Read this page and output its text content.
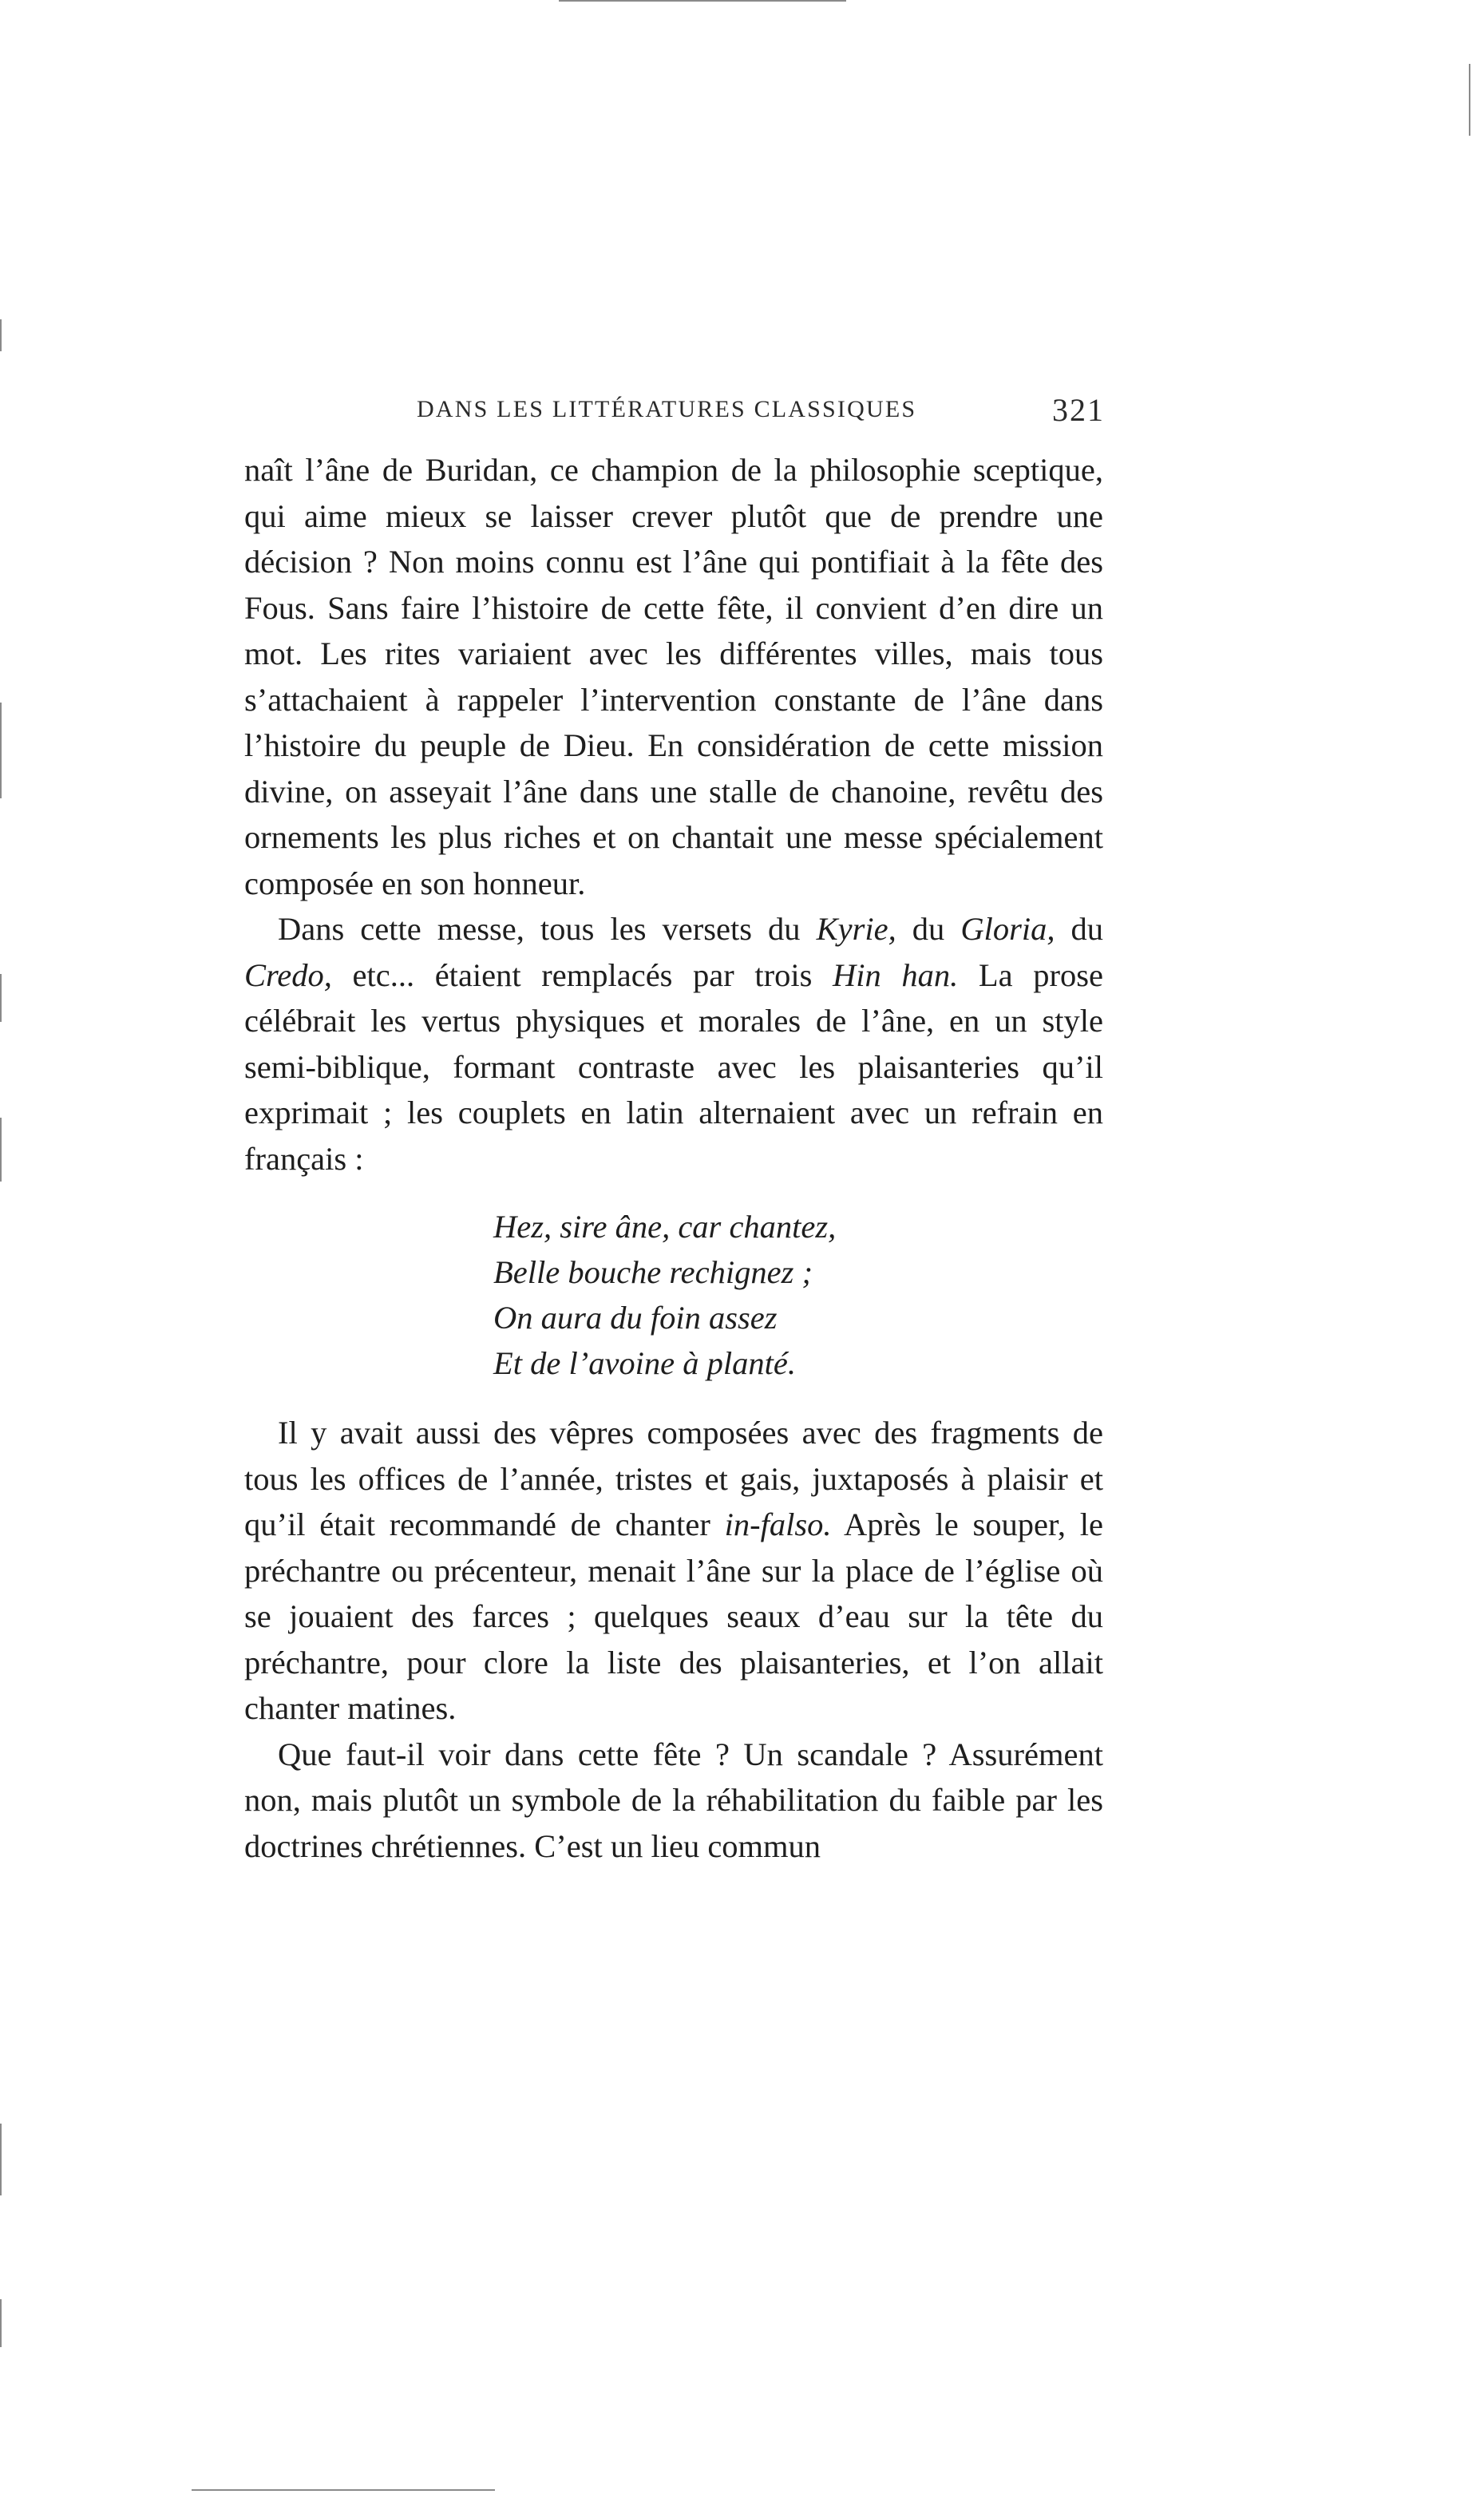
DANS LES LITTÉRATURES CLASSIQUES	321

naît l’âne de Buridan, ce champion de la philosophie sceptique, qui aime mieux se laisser crever plutôt que de prendre une décision ? Non moins connu est l’âne qui pontifiait à la fête des Fous. Sans faire l’histoire de cette fête, il convient d’en dire un mot. Les rites variaient avec les différentes villes, mais tous s’attachaient à rappeler l’intervention constante de l’âne dans l’histoire du peuple de Dieu. En considération de cette mission divine, on asseyait l’âne dans une stalle de chanoine, revêtu des ornements les plus riches et on chantait une messe spécialement composée en son honneur.

Dans cette messe, tous les versets du Kyrie, du Gloria, du Credo, etc... étaient remplacés par trois Hin han. La prose célébrait les vertus physiques et morales de l’âne, en un style semi-biblique, formant contraste avec les plaisanteries qu’il exprimait ; les couplets en latin alternaient avec un refrain en français :

Hez, sire âne, car chantez,
Belle bouche rechignez ;
On aura du foin assez
Et de l’avoine à planté.

Il y avait aussi des vêpres composées avec des fragments de tous les offices de l’année, tristes et gais, juxtaposés à plaisir et qu’il était recommandé de chanter in-falso. Après le souper, le préchantre ou précenteur, menait l’âne sur la place de l’église où se jouaient des farces ; quelques seaux d’eau sur la tête du préchantre, pour clore la liste des plaisanteries, et l’on allait chanter matines.

Que faut-il voir dans cette fête ? Un scandale ? Assurément non, mais plutôt un symbole de la réhabilitation du faible par les doctrines chrétiennes. C’est un lieu commun
